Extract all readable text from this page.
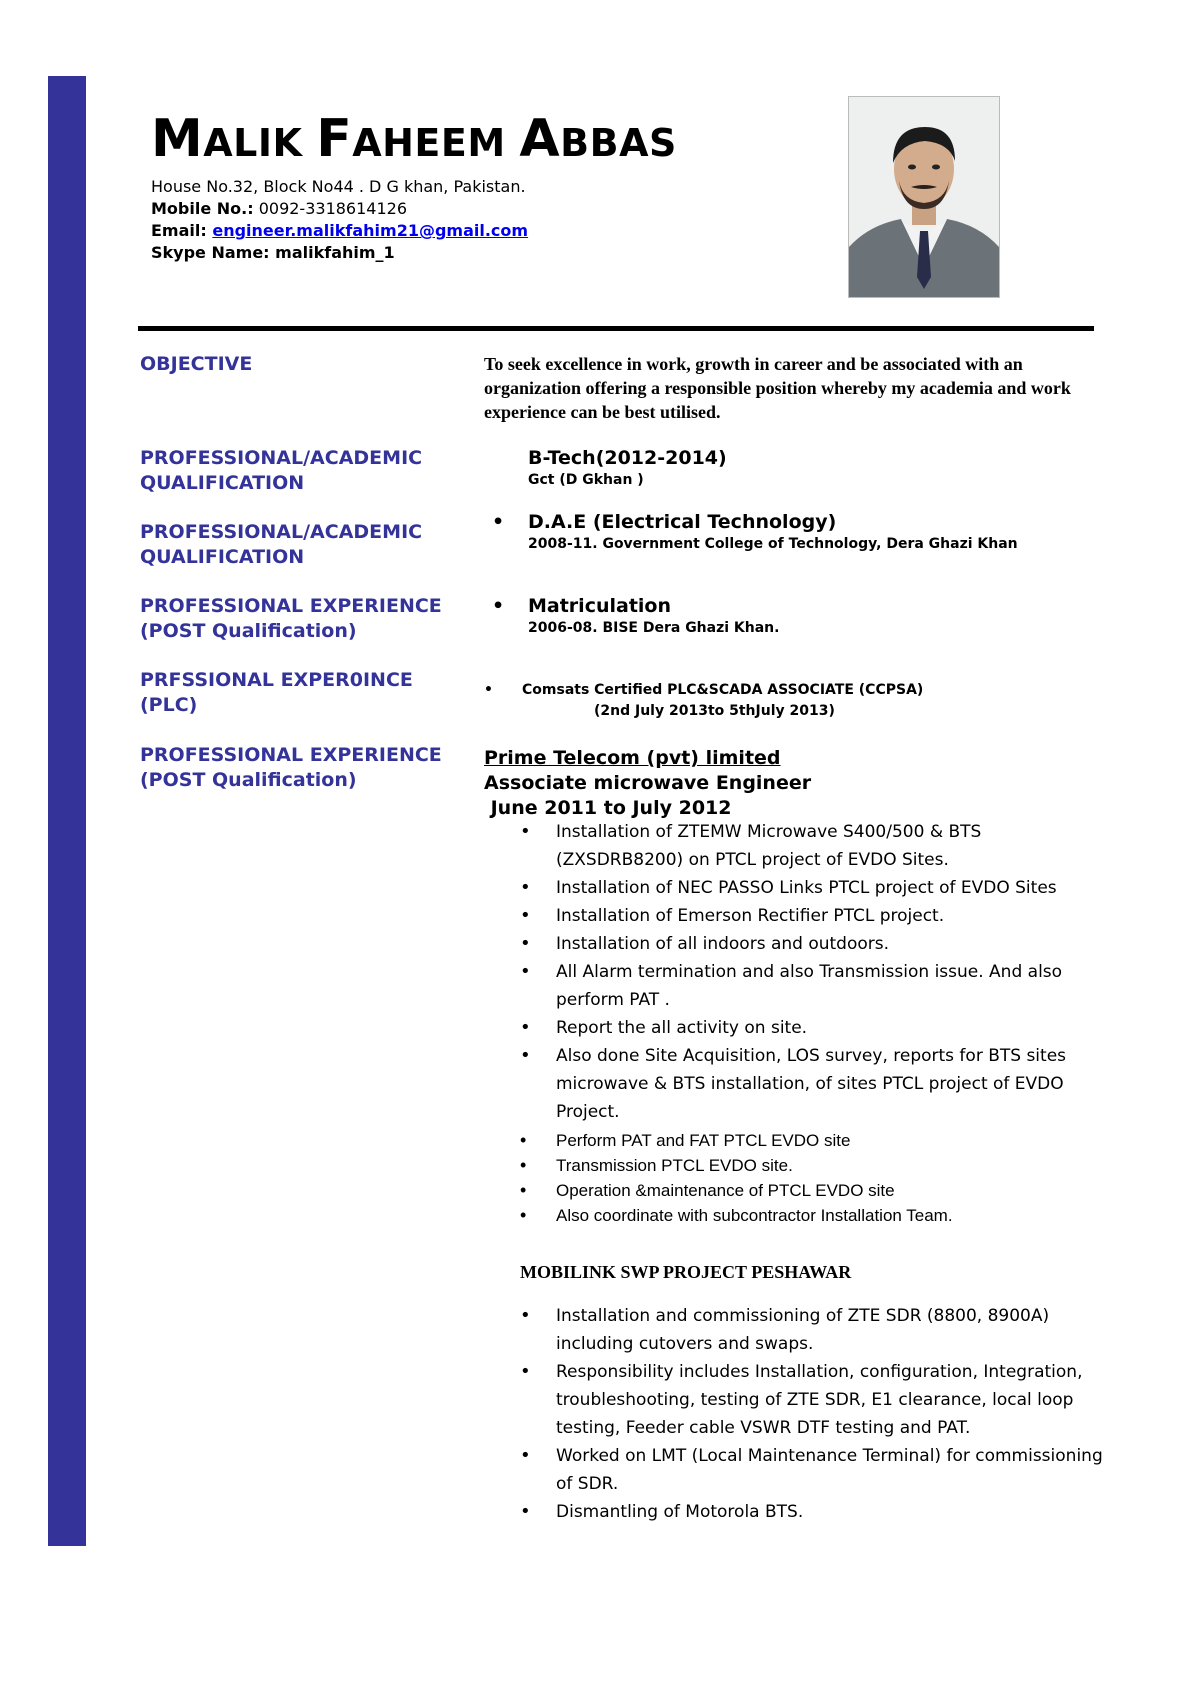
MALIK FAHEEM ABBAS
House No.32, Block No44 . D G khan, Pakistan.
Mobile No.: 0092-3318614126
Email: engineer.malikfahim21@gmail.com
Skype Name: malikfahim_1
OBJECTIVE
PROFESSIONAL/ACADEMIC
QUALIFICATION
PROFESSIONAL/ACADEMIC
QUALIFICATION
PROFESSIONAL EXPERIENCE
(POST Qualification)
PRFSSIONAL EXPER0INCE
(PLC)
PROFESSIONAL EXPERIENCE
(POST Qualification)
To seek excellence in work, growth in career and be associated with an organization offering a responsible position whereby my academia and work experience can be best utilised.
B-Tech(2012-2014)
Gct (D Gkhan )
• D.A.E (Electrical Technology)
2008-11. Government College of Technology, Dera Ghazi Khan
• Matriculation
2006-08. BISE Dera Ghazi Khan.
• Comsats Certified PLC&SCADA ASSOCIATE (CCPSA)
(2nd July 2013to 5thJuly 2013)
Prime Telecom (pvt) limited
Associate microwave Engineer
June 2011 to July 2012
• Installation of ZTEMW Microwave S400/500 & BTS (ZXSDRB8200) on PTCL project of EVDO Sites.
• Installation of NEC PASSO Links PTCL project of EVDO Sites
• Installation of Emerson Rectifier PTCL project.
• Installation of all indoors and outdoors.
• All Alarm termination and also Transmission issue. And also perform PAT .
• Report the all activity on site.
• Also done Site Acquisition, LOS survey, reports for BTS sites microwave & BTS installation, of sites PTCL project of EVDO Project.
• Perform PAT and FAT PTCL EVDO site
• Transmission PTCL EVDO site.
• Operation &maintenance of PTCL EVDO site
• Also coordinate with subcontractor Installation Team.
MOBILINK SWP PROJECT PESHAWAR
• Installation and commissioning of ZTE SDR (8800, 8900A) including cutovers and swaps.
• Responsibility includes Installation, configuration, Integration, troubleshooting, testing of ZTE SDR, E1 clearance, local loop testing, Feeder cable VSWR DTF testing and PAT.
• Worked on LMT (Local Maintenance Terminal) for commissioning of SDR.
• Dismantling of Motorola BTS.
